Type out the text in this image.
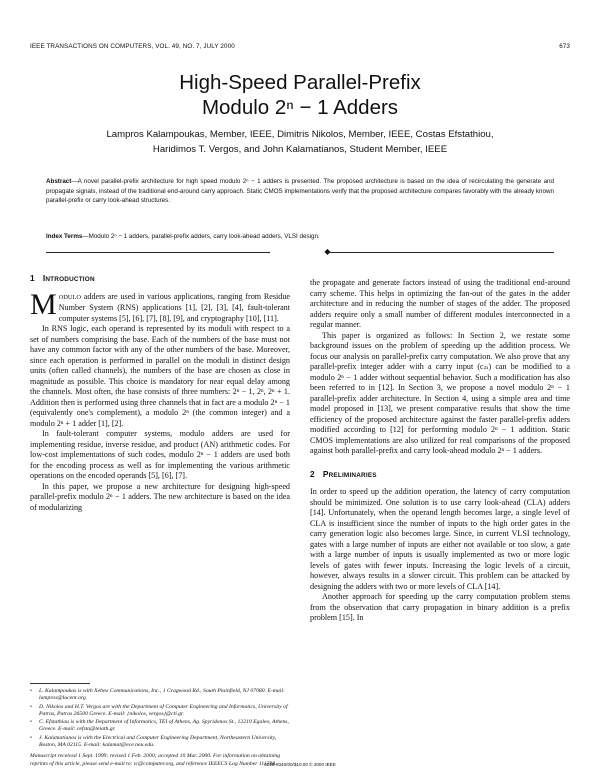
IEEE TRANSACTIONS ON COMPUTERS, VOL. 49, NO. 7, JULY 2000	673
High-Speed Parallel-Prefix
Modulo 2ⁿ − 1 Adders
Lampros Kalampoukas, Member, IEEE, Dimitris Nikolos, Member, IEEE, Costas Efstathiou,
Haridimos T. Vergos, and John Kalamatianos, Student Member, IEEE
Abstract—A novel parallel-prefix architecture for high speed modulo 2ⁿ − 1 adders is presented. The proposed architecture is based on the idea of recirculating the generate and propagate signals, instead of the traditional end-around carry approach. Static CMOS implementations verify that the proposed architecture compares favorably with the already known parallel-prefix or carry look-ahead structures.
Index Terms—Modulo 2ⁿ − 1 adders, parallel-prefix adders, carry look-ahead adders, VLSI design.
◆
1 INTRODUCTION

MODULO adders are used in various applications, ranging from Residue Number System (RNS) applications [1], [2], [3], [4], fault-tolerant computer systems [5], [6], [7], [8], [9], and cryptography [10], [11].

In RNS logic, each operand is represented by its moduli with respect to a set of numbers comprising the base. Each of the numbers of the base must not have any common factor with any of the other numbers of the base. Moreover, since each operation is performed in parallel on the moduli in distinct design units (often called channels), the numbers of the base are chosen as close in magnitude as possible. This choice is mandatory for near equal delay among the channels. Most often, the base consists of three numbers: 2ⁿ − 1, 2ⁿ, 2ⁿ + 1. Addition then is performed using three channels that in fact are a modulo 2ⁿ − 1 (equivalently one's complement), a modulo 2ⁿ (the common integer) and a modulo 2ⁿ + 1 adder [1], [2].

In fault-tolerant computer systems, modulo adders are used for implementing residue, inverse residue, and product (AN) arithmetic codes. For low-cost implementations of such codes, modulo 2ⁿ − 1 adders are used both for the encoding process as well as for implementing the various arithmetic operations on the encoded operands [5], [6], [7].

In this paper, we propose a new architecture for designing high-speed parallel-prefix modulo 2ⁿ − 1 adders. The new architecture is based on the idea of modularizing

the propagate and generate factors instead of using the traditional end-around carry scheme. This helps in optimizing the fan-out of the gates in the adder architecture and in reducing the number of stages of the adder. The proposed adders require only a small number of different modules interconnected in a regular manner.

This paper is organized as follows: In Section 2, we restate some background issues on the problem of speeding up the addition process. We focus our analysis on parallel-prefix carry computation. We also prove that any parallel-prefix integer adder with a carry input (cᵢₙ) can be modified to a modulo 2ⁿ − 1 adder without sequential behavior. Such a modification has also been referred to in [12]. In Section 3, we propose a novel modulo 2ⁿ − 1 parallel-prefix adder architecture. In Section 4, using a simple area and time model proposed in [13], we present comparative results that show the time efficiency of the proposed architecture against the faster parallel-prefix adders modified according to [12] for performing modulo 2ⁿ − 1 addition. Static CMOS implementations are also utilized for real comparisons of the proposed against both parallel-prefix and carry look-ahead modulo 2ⁿ − 1 adders.

2 PRELIMINARIES

In order to speed up the addition operation, the latency of carry computation should be minimized. One solution is to use carry look-ahead (CLA) adders [14]. Unfortunately, when the operand length becomes large, a single level of CLA is insufficient since the number of inputs to the high order gates in the carry generation logic also becomes large. Since, in current VLSI technology, gates with a large number of inputs are either not available or too slow, a gate with a large number of inputs is usually implemented as two or more logic levels of gates with fewer inputs. Increasing the logic levels of a circuit, however, always results in a slower circuit. This problem can be attacked by designing the adders with two or more levels of CLA [14].

Another approach for speeding up the carry computation problem stems from the observation that carry propagation in binary addition is a prefix problem [15]. In

• L. Kalampoukas is with Xebeo Communications, Inc., 1 Cragwood Rd., South Plainfield, NJ 07080. E-mail: lampros@lucent.org.
• D. Nikolos and H.T. Vergos are with the Department of Computer Engineering and Informatics, University of Patras, Patras 26500 Greece. E-mail: {nikolos, vergos}@cti.gr.
• C. Efstathiou is with the Department of Informatics, TEI of Athens, Ag. Spyridonos St., 12210 Egaleo, Athens, Greece. E-mail: cefsta@teiath.gr.
• J. Kalamatianos is with the Electrical and Computer Engineering Department, Northeastern University, Boston, MA 02115. E-mail: kalamat@ece.neu.edu.
Manuscript received 1 Sept. 1999; revised 1 Feb. 2000; accepted 10 Mar. 2000. For information on obtaining reprints of this article, please send e-mail to: tc@computer.org, and reference IEEECS Log Number 111788.
0018-9340/00/$10.00 © 2000 IEEE
